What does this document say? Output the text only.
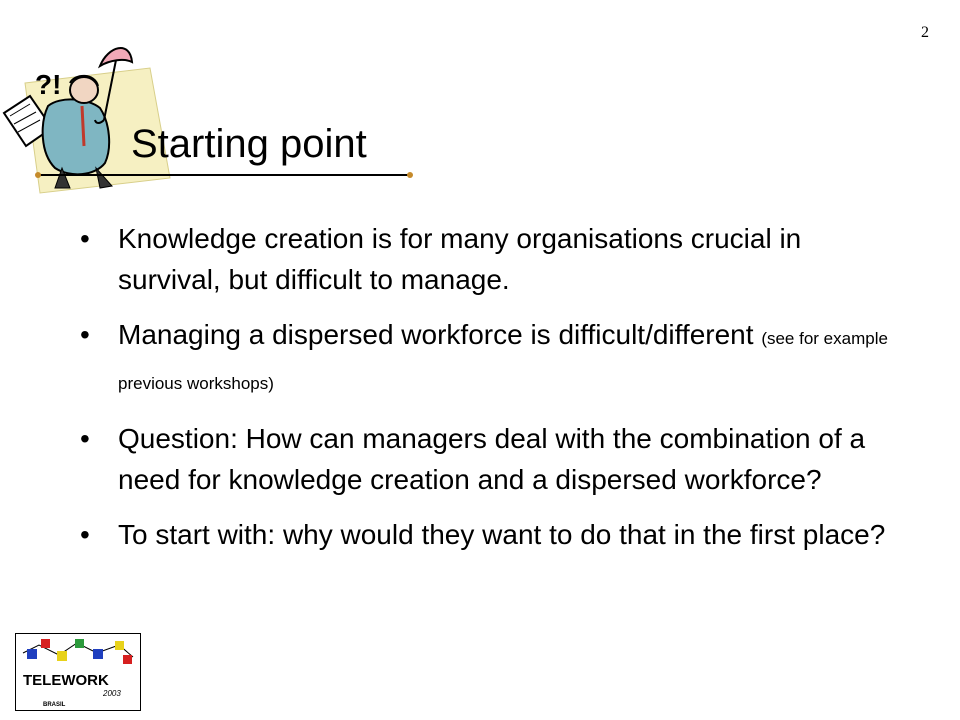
2
?!
Starting point
• Knowledge creation is for many organisations crucial in survival, but difficult to manage.
• Managing a dispersed workforce is difficult/different (see for example previous workshops)
• Question: How can managers deal with the combination of a need for knowledge creation and a dispersed workforce?
• To start with: why would they want to do that in the first place?
TELEWORK
2003
BRASIL
